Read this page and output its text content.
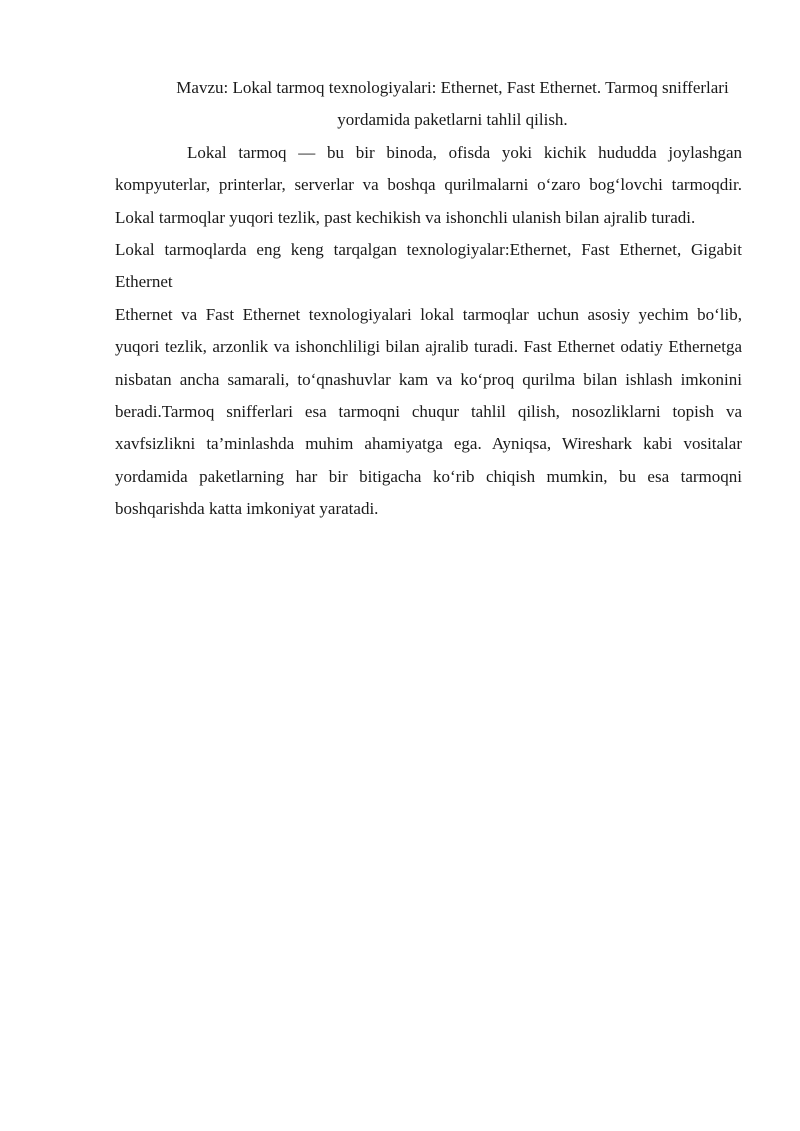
Mavzu: Lokal tarmoq texnologiyalari: Ethernet, Fast Ethernet. Tarmoq snifferlari yordamida paketlarni tahlil qilish.

Lokal tarmoq — bu bir binoda, ofisda yoki kichik hududda joylashgan kompyuterlar, printerlar, serverlar va boshqa qurilmalarni o‘zaro bog‘lovchi tarmoqdir. Lokal tarmoqlar yuqori tezlik, past kechikish va ishonchli ulanish bilan ajralib turadi.

Lokal tarmoqlarda eng keng tarqalgan texnologiyalar:Ethernet, Fast Ethernet, Gigabit Ethernet

Ethernet va Fast Ethernet texnologiyalari lokal tarmoqlar uchun asosiy yechim bo‘lib, yuqori tezlik, arzonlik va ishonchliligi bilan ajralib turadi. Fast Ethernet odatiy Ethernetga nisbatan ancha samarali, to‘qnashuvlar kam va ko‘proq qurilma bilan ishlash imkonini beradi.Tarmoq snifferlari esa tarmoqni chuqur tahlil qilish, nosozliklarni topish va xavfsizlikni ta’minlashda muhim ahamiyatga ega. Ayniqsa, Wireshark kabi vositalar yordamida paketlarning har bir bitigacha ko‘rib chiqish mumkin, bu esa tarmoqni boshqarishda katta imkoniyat yaratadi.
